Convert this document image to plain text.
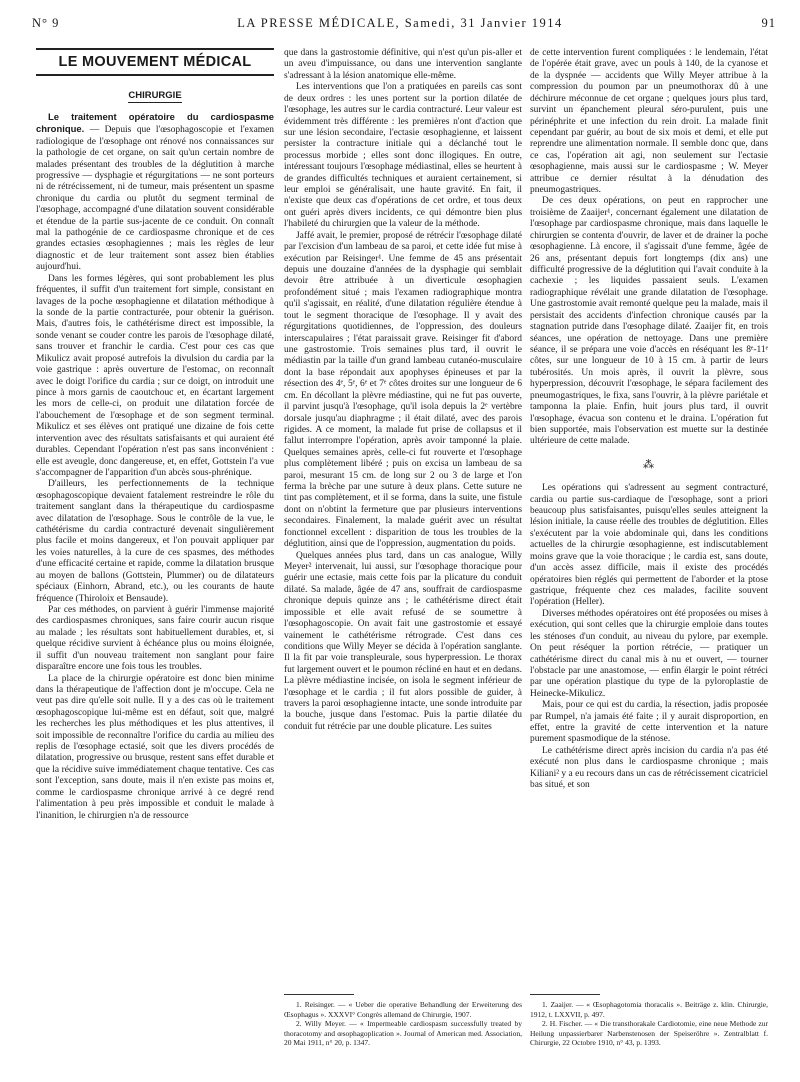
N° 9	LA PRESSE MÉDICALE, Samedi, 31 Janvier 1914	91
LE MOUVEMENT MÉDICAL
CHIRURGIE

Le traitement opératoire du cardiospasme chronique. — Depuis que l'œsophagoscopie et l'examen radiologique de l'œsophage ont rénové nos connaissances sur la pathologie de cet organe, on sait qu'un certain nombre de malades présentant des troubles de la déglutition à marche progressive — dysphagie et régurgitations — ne sont porteurs ni de rétrécissement, ni de tumeur, mais présentent un spasme chronique du cardia ou plutôt du segment terminal de l'œsophage, accompagné d'une dilatation souvent considérable et étendue de la partie sus-jacente de ce conduit. On connaît mal la pathogénie de ce cardiospasme chronique et de ces grandes ectasies œsophagiennes ; mais les règles de leur diagnostic et de leur traitement sont assez bien établies aujourd'hui.

Dans les formes légères, qui sont probablement les plus fréquentes, il suffit d'un traitement fort simple, consistant en lavages de la poche œsophagienne et dilatation méthodique à la sonde de la partie contracturée, pour obtenir la guérison. Mais, d'autres fois, le cathétérisme direct est impossible, la sonde venant se couder contre les parois de l'œsophage dilaté, sans trouver et franchir le cardia. C'est pour ces cas que Mikulicz avait proposé autrefois la divulsion du cardia par la voie gastrique : après ouverture de l'estomac, on reconnaît avec le doigt l'orifice du cardia ; sur ce doigt, on introduit une pince à mors garnis de caoutchouc et, en écartant largement les mors de celle-ci, on produit une dilatation forcée de l'abouchement de l'œsophage et de son segment terminal. Mikulicz et ses élèves ont pratiqué une dizaine de fois cette intervention avec des résultats satisfaisants et qui auraient été durables. Cependant l'opération n'est pas sans inconvénient : elle est aveugle, donc dangereuse, et, en effet, Gottstein l'a vue s'accompagner de l'apparition d'un abcès sous-phrénique.

D'ailleurs, les perfectionnements de la technique œsophagoscopique devaient fatalement restreindre le rôle du traitement sanglant dans la thérapeutique du cardiospasme avec dilatation de l'œsophage. Sous le contrôle de la vue, le cathétérisme du cardia contracturé devenait singulièrement plus facile et moins dangereux, et l'on pouvait appliquer par les voies naturelles, à la cure de ces spasmes, des méthodes d'une efficacité certaine et rapide, comme la dilatation brusque au moyen de ballons (Gottstein, Plummer) ou de dilatateurs spéciaux (Einhorn, Abrand, etc.), ou les courants de haute fréquence (Thiroloix et Bensaude).

Par ces méthodes, on parvient à guérir l'immense majorité des cardiospasmes chroniques, sans faire courir aucun risque au malade ; les résultats sont habituellement durables, et, si quelque récidive survient à échéance plus ou moins éloignée, il suffit d'un nouveau traitement non sanglant pour faire disparaître encore une fois tous les troubles.

La place de la chirurgie opératoire est donc bien minime dans la thérapeutique de l'affection dont je m'occupe. Cela ne veut pas dire qu'elle soit nulle. Il y a des cas où le traitement œsophagoscopique lui-même est en défaut, soit que, malgré les recherches les plus méthodiques et les plus attentives, il soit impossible de reconnaître l'orifice du cardia au milieu des replis de l'œsophage ectasié, soit que les divers procédés de dilatation, progressive ou brusque, restent sans effet durable et que la récidive suive immédiatement chaque tentative. Ces cas sont l'exception, sans doute, mais il n'en existe pas moins et, comme le cardiospasme chronique arrivé à ce degré rend l'alimentation à peu près impossible et conduit le malade à l'inanition, le chirurgien n'a de ressource

que dans la gastrostomie définitive, qui n'est qu'un pis-aller et un aveu d'impuissance, ou dans une intervention sanglante s'adressant à la lésion anatomique elle-même.

Les interventions que l'on a pratiquées en pareils cas sont de deux ordres : les unes portent sur la portion dilatée de l'œsophage, les autres sur le cardia contracturé. Leur valeur est évidemment très différente : les premières n'ont d'action que sur une lésion secondaire, l'ectasie œsophagienne, et laissent persister la contracture initiale qui a déclanché tout le processus morbide ; elles sont donc illogiques. En outre, intéressant toujours l'œsophage médiastinal, elles se heurtent à de grandes difficultés techniques et auraient certainement, si leur emploi se généralisait, une haute gravité. En fait, il n'existe que deux cas d'opérations de cet ordre, et tous deux ont guéri après divers incidents, ce qui démontre bien plus l'habileté du chirurgien que la valeur de la méthode.

Jaffé avait, le premier, proposé de rétrécir l'œsophage dilaté par l'excision d'un lambeau de sa paroi, et cette idée fut mise à exécution par Reisinger¹. Une femme de 45 ans présentait depuis une douzaine d'années de la dysphagie qui semblait devoir être attribuée à un diverticule œsophagien profondément situé ; mais l'examen radiographique montra qu'il s'agissait, en réalité, d'une dilatation régulière étendue à tout le segment thoracique de l'œsophage. Il y avait des régurgitations quotidiennes, de l'oppression, des douleurs interscapulaires ; l'état paraissait grave. Reisinger fit d'abord une gastrostomie. Trois semaines plus tard, il ouvrit le médiastin par la taille d'un grand lambeau cutanéo-musculaire dont la base répondait aux apophyses épineuses et par la résection des 4ᵉ, 5ᵉ, 6ᵉ et 7ᵉ côtes droites sur une longueur de 6 cm. En décollant la plèvre médiastine, qui ne fut pas ouverte, il parvint jusqu'à l'œsophage, qu'il isola depuis la 2ᵉ vertèbre dorsale jusqu'au diaphragme ; il était dilaté, avec des parois rigides. A ce moment, la malade fut prise de collapsus et il fallut interrompre l'opération, après avoir tamponné la plaie. Quelques semaines après, celle-ci fut rouverte et l'œsophage plus complètement libéré ; puis on excisa un lambeau de sa paroi, mesurant 15 cm. de long sur 2 ou 3 de large et l'on ferma la brèche par une suture à deux plans. Cette suture ne tint pas complètement, et il se forma, dans la suite, une fistule dont on n'obtint la fermeture que par plusieurs interventions secondaires. Finalement, la malade guérit avec un résultat fonctionnel excellent : disparition de tous les troubles de la déglutition, ainsi que de l'oppression, augmentation du poids.

Quelques années plus tard, dans un cas analogue, Willy Meyer² intervenait, lui aussi, sur l'œsophage thoracique pour guérir une ectasie, mais cette fois par la plicature du conduit dilaté. Sa malade, âgée de 47 ans, souffrait de cardiospasme chronique depuis quinze ans ; le cathétérisme direct était impossible et elle avait refusé de se soumettre à l'œsophagoscopie. On avait fait une gastrostomie et essayé vainement le cathétérisme rétrograde. C'est dans ces conditions que Willy Meyer se décida à l'opération sanglante. Il la fit par voie transpleurale, sous hyperpression. Le thorax fut largement ouvert et le poumon récliné en haut et en dedans. La plèvre médiastine incisée, on isola le segment inférieur de l'œsophage et le cardia ; il fut alors possible de guider, à travers la paroi œsophagienne intacte, une sonde introduite par la bouche, jusque dans l'estomac. Puis la partie dilatée du conduit fut rétrécie par une double plicature. Les suites

1. Reisinger. — « Ueber die operative Behandlung der Erweiterung des Œsophagus ». XXXVI° Congrès allemand de Chirurgie, 1907.

2. Willy Meyer. — « Impermeable cardiospasm successfully treated by thoracotomy and œsophagoplication ». Journal of American med. Association, 20 Mai 1911, n° 20, p. 1347.

de cette intervention furent compliquées : le lendemain, l'état de l'opérée était grave, avec un pouls à 140, de la cyanose et de la dyspnée — accidents que Willy Meyer attribue à la compression du poumon par un pneumothorax dû à une déchirure méconnue de cet organe ; quelques jours plus tard, survint un épanchement pleural séro-purulent, puis une périnéphrite et une infection du rein droit. La malade finit cependant par guérir, au bout de six mois et demi, et elle put reprendre une alimentation normale. Il semble donc que, dans ce cas, l'opération ait agi, non seulement sur l'ectasie œsophagienne, mais aussi sur le cardiospasme ; W. Meyer attribue ce dernier résultat à la dénudation des pneumogastriques.

De ces deux opérations, on peut en rapprocher une troisième de Zaaijer¹, concernant également une dilatation de l'œsophage par cardiospasme chronique, mais dans laquelle le chirurgien se contenta d'ouvrir, de laver et de drainer la poche œsophagienne. Là encore, il s'agissait d'une femme, âgée de 26 ans, présentant depuis fort longtemps (dix ans) une difficulté progressive de la déglutition qui l'avait conduite à la cachexie ; les liquides passaient seuls. L'examen radiographique révélait une grande dilatation de l'œsophage. Une gastrostomie avait remonté quelque peu la malade, mais il persistait des accidents d'infection chronique causés par la stagnation putride dans l'œsophage dilaté. Zaaijer fit, en trois séances, une opération de nettoyage. Dans une première séance, il se prépara une voie d'accès en réséquant les 8ᵉ-11ᵉ côtes, sur une longueur de 10 à 15 cm. à partir de leurs tubérosités. Un mois après, il ouvrit la plèvre, sous hyperpression, découvrit l'œsophage, le sépara facilement des pneumogastriques, le fixa, sans l'ouvrir, à la plèvre pariétale et tamponna la plaie. Enfin, huit jours plus tard, il ouvrit l'œsophage, évacua son contenu et le draina. L'opération fut bien supportée, mais l'observation est muette sur la destinée ultérieure de cette malade.

⁂

Les opérations qui s'adressent au segment contracturé, cardia ou partie sus-cardiaque de l'œsophage, sont a priori beaucoup plus satisfaisantes, puisqu'elles seules atteignent la lésion initiale, la cause réelle des troubles de déglutition. Elles s'exécutent par la voie abdominale qui, dans les conditions actuelles de la chirurgie œsophagienne, est indiscutablement moins grave que la voie thoracique ; le cardia est, sans doute, d'un accès assez difficile, mais il existe des procédés opératoires bien réglés qui permettent de l'aborder et la ptose gastrique, fréquente chez ces malades, facilite souvent l'opération (Heller).

Diverses méthodes opératoires ont été proposées ou mises à exécution, qui sont celles que la chirurgie emploie dans toutes les sténoses d'un conduit, au niveau du pylore, par exemple. On peut réséquer la portion rétrécie, — pratiquer un cathétérisme direct du canal mis à nu et ouvert, — tourner l'obstacle par une anastomose, — enfin élargir le point rétréci par une opération plastique du type de la pyloroplastie de Heinecke-Mikulicz.

Mais, pour ce qui est du cardia, la résection, jadis proposée par Rumpel, n'a jamais été faite ; il y aurait disproportion, en effet, entre la gravité de cette intervention et la nature purement spasmodique de la sténose.

Le cathétérisme direct après incision du cardia n'a pas été exécuté non plus dans le cardiospasme chronique ; mais Kiliani² y a eu recours dans un cas de rétrécissement cicatriciel bas situé, et son

1. Zaaijer. — « Œsophagotomia thoracalis ». Beiträge z. klin. Chirurgie, 1912, t. LXXVII, p. 497.

2. H. Fischer. — « Die transthorakale Cardiotomie, eine neue Methode zur Heilung unpassierbarer Narbenstenosen der Speiseröhre ». Zentralblatt f. Chirurgie, 22 Octobre 1910, n° 43, p. 1393.
